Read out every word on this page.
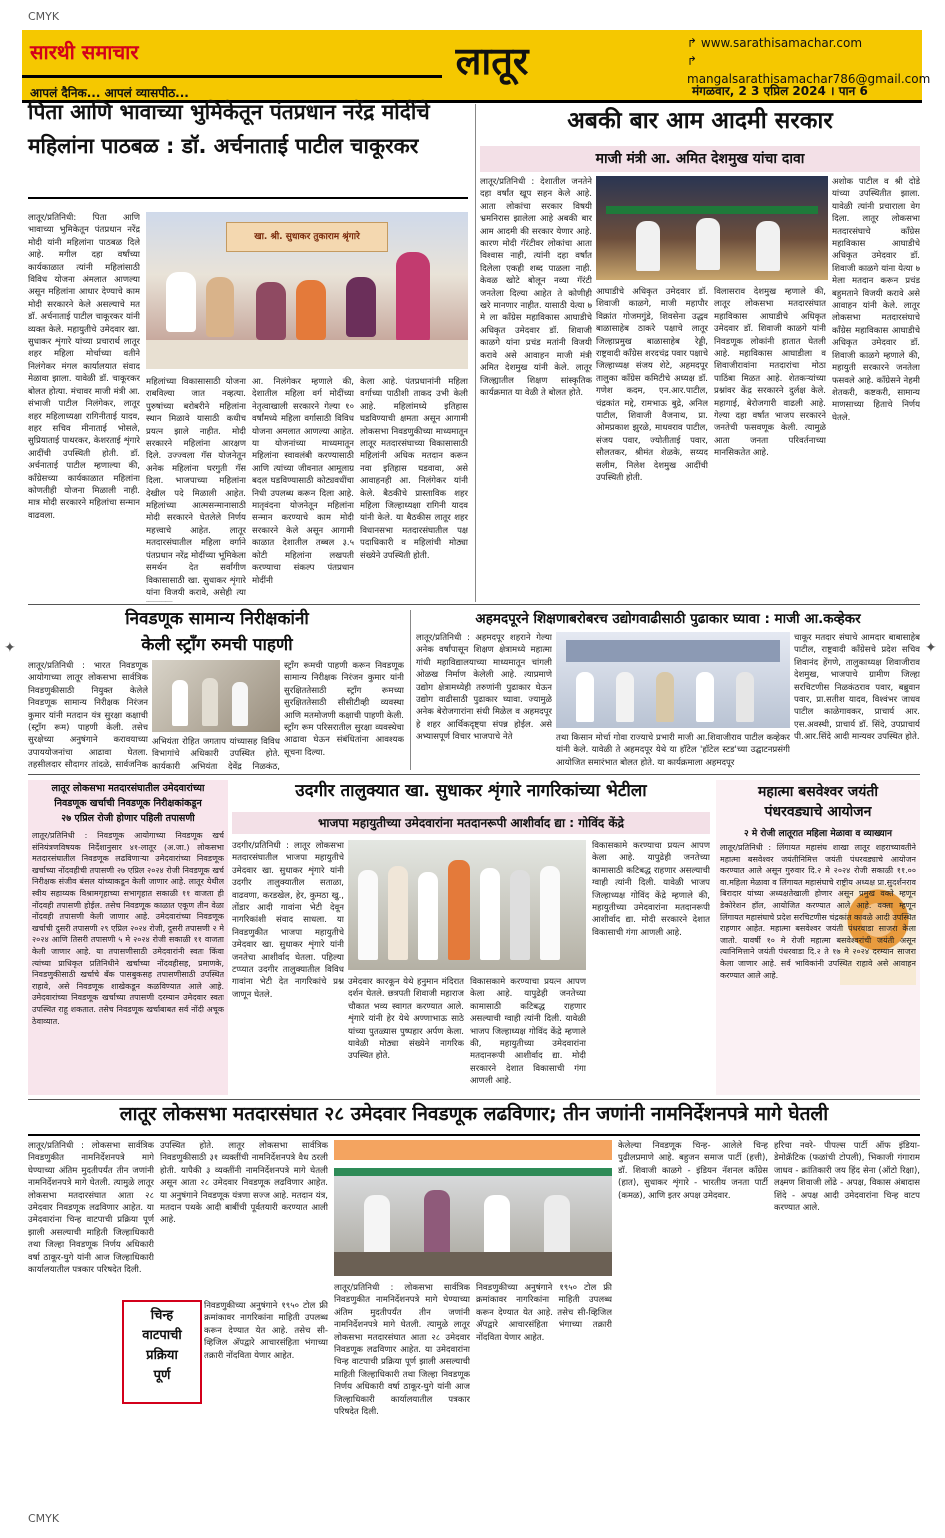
CMYK
CMYK
✦	✦
सारथी समाचार
आपलं दैनिक... आपलं व्यासपीठ...
लातूर	↱ www.sarathisamachar.com
↱ mangalsarathisamachar786@gmail.com
मंगळवार, 2 3 एप्रिल 2024 । पान 6
पिता आणि भावाच्या भुमिकेतून पंतप्रधान नरेंद्र मोदींचे
महिलांना पाठबळ : डॉ. अर्चनाताई पाटील चाकूरकर
लातूर/प्रतिनिधी: पिता आणि भावाच्या भुमिकेतून पंतप्रधान नरेंद्र मोदी यांनी महिलांना पाठबळ दिले आहे. मगील दहा वर्षांच्या कार्यकाळात त्यांनी महिलांसाठी विविध योजना अंमलात आणल्या असून महिलांना आधार देण्याचे काम मोदी सरकारने केले असल्याचे मत डॉ. अर्चनाताई पाटील चाकूरकर यांनी व्यक्त केले. महायुतीचे उमेदवार खा. सुधाकर शृंगारे यांच्या प्रचारार्थ लातूर शहर महिला मोर्चाच्या वतीने निलंगेकर मंगल कार्यालयात संवाद मेळावा झाला. यावेळी डॉ. चाकूरकर बोलत होत्या. मंचावर माजी मंत्री आ. संभाजी पाटील निलंगेकर, लातूर शहर महिलाध्यक्षा रागिनीताई यादव, शहर सचिव मीनाताई भोसले, सुप्रियाताई पाथरकर, केशरताई शृंगारे आदींची उपस्थिती होती. डॉ. अर्चनाताई पाटील म्हणाल्या की, काँग्रेसच्या कार्यकाळात महिलांना कोणतीही योजना मिळाली नाही. मात्र मोदी सरकारने महिलांचा सन्मान वाढवला.
खा. श्री. सुधाकर तुकाराम श्रृंगारे
महिलांच्या विकासासाठी योजना राबविल्या जात नव्हत्या. पुरुषांच्या बरोबरीने महिलांना स्थान मिळावे यासाठी कधीच प्रयत्न झाले नाहीत. मोदी सरकारने महिलांना आरक्षण दिले. उज्ज्वला गॅस योजनेतून अनेक महिलांना घरगुती गॅस दिला. भाजपाच्या महिलांना देखील पदे मिळाली आहेत. महिलांच्या आत्मसन्मानासाठी मोदी सरकारने घेतलेले निर्णय महत्त्वाचे आहेत. लातूर मतदारसंघातील महिला वर्गाने पंतप्रधान नरेंद्र मोदींच्या भूमिकेला समर्थन देत सर्वांगीण विकासासाठी खा. सुधाकर शृंगारे यांना विजयी करावे, असेही त्या
आ. निलंगेकर म्हणाले की, देशातील महिला वर्ग मोदींच्या नेतृत्वाखाली सरकारने गेल्या १० वर्षांमध्ये महिला वर्गासाठी विविध योजना अमलात आणल्या आहेत. या योजनांच्या माध्यमातून महिलांना स्वावलंबी करण्यासाठी आणि त्यांच्या जीवनात आमूलाग्र बदल घडविण्यासाठी कोट्यवधींचा निधी उपलब्ध करून दिला आहे. मातृवंदना योजनेतून महिलांना सन्मान करण्याचे काम मोदी सरकारने केले असून आगामी काळात देशातील तब्बल ३.५ कोटी महिलांना लखपती करण्याचा संकल्प पंतप्रधान मोदींनी
केला आहे. पंतप्रधानांनी महिला वर्गाच्या पाठीशी ताकद उभी केली आहे. महिलांमध्ये इतिहास घडविण्याची क्षमता असून आगामी लोकसभा निवडणुकीच्या माध्यमातून लातूर मतदारसंघाच्या विकासासाठी महिलांनी अधिक मतदान करून नवा इतिहास घडवावा, असे आवाहनही आ. निलंगेकर यांनी केले. बैठकीचे प्रास्ताविक शहर महिला जिल्हाध्यक्षा रागिनी यादव यांनी केले. या बैठकीस लातूर शहर विधानसभा मतदारसंघातील पक्ष पदाधिकारी व महिलांची मोठ्या संख्येने उपस्थिती होती.
अबकी बार आम आदमी सरकार
माजी मंत्री आ. अमित देशमुख यांचा दावा
लातूर/प्रतिनिधी : देशातील जनतेने दहा वर्षांत खूप सहन केले आहे. आता लोकांचा सरकार विषयी भ्रमनिरास झालेला आहे अबकी बार आम आदमी की सरकार येणार आहे. कारण मोदी गॅरंटीवर लोकांचा आता विश्वास नाही, त्यांनी दहा वर्षांत दिलेला एकही शब्द पाळला नाही. केवळ खोटे बोलून नव्या गॅरंटी जनतेला दिल्या आहेत ते कोणीही खरे मानणार नाहीत. यासाठी येत्या ७ मे ला काँग्रेस महाविकास आघाडीचे अधिकृत उमेदवार डॉ. शिवाजी काळगे यांना प्रचंड मतांनी विजयी करावे असे आवाहन माजी मंत्री अमित देशमुख यांनी केले. लातूर जिल्ह्यातील शिक्षण सांस्कृतिक कार्यक्रमात या वेळी ते बोलत होते.
आघाडीचे अधिकृत उमेदवार डॉ. शिवाजी काळगे, माजी महापौर विक्रांत गोजमगुंडे, शिवसेना उद्धव बाळासाहेब ठाकरे पक्षाचे लातूर जिल्हाप्रमुख बाळासाहेब रेड्डी, राष्ट्रवादी काँग्रेस शरदचंद्र पवार पक्षाचे जिल्हाध्यक्ष संजय शेटे, अहमदपूर तालुका काँग्रेस कमिटीचे अध्यक्ष डॉ. गणेश कदम, एन.आर.पाटील, चंद्रकांत मद्दे, रामभाऊ बुद्रे, अनिल पाटील, शिवाजी वैजनाथ, प्रा. ओमप्रकाश झुरळे, माधवराव पाटील, संजय पवार, ज्योतीताई पवार, सौलतकर, श्रीमंत शेळके, सय्यद सलीम, निलेश देशमुख आदींची उपस्थिती होती.
विलासराव देशमुख म्हणाले की, लातूर लोकसभा मतदारसंघात महाविकास आघाडीचे अधिकृत उमेदवार डॉ. शिवाजी काळगे यांनी निवडणूक लोकांनी हातात घेतली आहे. महाविकास आघाडीला व शिवाजीरावांना मतदारांचा मोठा पाठिंबा मिळत आहे. शेतकऱ्यांच्या प्रश्नांवर केंद्र सरकारने दुर्लक्ष केले. महागाई, बेरोजगारी वाढली आहे. गेल्या दहा वर्षांत भाजप सरकारने जनतेची फसवणूक केली. त्यामुळे आता जनता परिवर्तनाच्या मानसिकतेत आहे.
अशोक पाटील व श्री दोडे यांच्या उपस्थितीत झाला. यावेळी त्यांनी प्रचाराला वेग दिला. लातूर लोकसभा मतदारसंघाचे काँग्रेस महाविकास आघाडीचे अधिकृत उमेदवार डॉ. शिवाजी काळगे यांना येत्या ७ मेला मतदान करून प्रचंड बहुमताने विजयी करावे असे आवाहन यांनी केले. लातूर लोकसभा मतदारसंघाचे काँग्रेस महाविकास आघाडीचे अधिकृत उमेदवार डॉ. शिवाजी काळगे म्हणाले की, महायुती सरकारने जनतेला फसवले आहे. काँग्रेसने नेहमी शेतकरी, कष्टकरी, सामान्य माणसाच्या हिताचे निर्णय घेतले.
निवडणूक सामान्य निरीक्षकांनी
केली स्ट्राँग रुमची पाहणी
लातूर/प्रतिनिधी : भारत निवडणूक आयोगाच्या लातूर लोकसभा सार्वत्रिक निवडणुकीसाठी नियुक्त केलेले निवडणूक सामान्य निरीक्षक निरंजन कुमार यांनी मतदान यंत्र सुरक्षा कक्षाची (स्ट्राँग रूम) पाहणी केली. तसेच सुरक्षेच्या अनुषंगाने करावयाच्या उपाययोजनांचा आढावा घेतला. तहसीलदार सौदागर तांदळे, सार्वजनिक
स्ट्राँग रूमची पाहणी करून निवडणूक सामान्य निरीक्षक निरंजन कुमार यांनी सुरक्षिततेसाठी स्ट्राँग रूमच्या सुरक्षिततेसाठी सीसीटीव्ही व्यवस्था आणि मतमोजणी कक्षाची पाहणी केली. स्ट्राँग रूम परिसरातील सुरक्षा व्यवस्थेचा आढावा घेऊन संबंधितांना आवश्यक सूचना दिल्या.
अभियंता रोहित जगताप यांच्यासह विविध विभागांचे अधिकारी उपस्थित होते. कार्यकारी अभियंता देवेंद्र निळकंठ,
अहमदपूरने शिक्षणाबरोबरच उद्योगवाढीसाठी पुढाकार घ्यावा : माजी आ.कव्हेकर
लातूर/प्रतिनिधी : अहमदपूर शहराने गेल्या अनेक वर्षांपासून शिक्षण क्षेत्रामध्ये महात्मा गांधी महाविद्यालयाच्या माध्यमातून चांगली ओळख निर्माण केलेली आहे. त्याप्रमाणे उद्योग क्षेत्रामध्येही तरुणांनी पुढाकार घेऊन उद्योग वाढीसाठी पुढाकार घ्यावा. ज्यामुळे अनेक बेरोजगारांना संधी मिळेल व अहमदपूर हे शहर आर्थिकदृष्ट्या संपन्न होईल. असे अभ्यासपूर्ण विचार भाजपाचे नेते	तथा किसान मोर्चा गोवा राज्याचे प्रभारी माजी आ.शिवाजीराव पाटील कव्हेकर यांनी केले. यावेळी ते अहमदपूर येथे या हॉटेल 'हॉटेल स्टड'च्या उद्घाटनप्रसंगी आयोजित समारंभात बोलत होते. या कार्यक्रमाला अहमदपूर
चाकूर मतदार संघाचे आमदार बाबासाहेब पाटील, राष्ट्रवादी काँग्रेसचे प्रदेश सचिव शिवानंद हेंगणे, तालुकाध्यक्ष शिवाजीराव देशमुख, भाजपाचे ग्रामीण जिल्हा सरचिटणीस निळकंठराव पवार, बब्रुवान पवार, प्रा.सतीश यादव, विश्वंभर जाधव पाटील काळेगावकर, प्राचार्य आर. एस.अवस्थी, प्राचार्य डॉ. सिंदे, उपप्राचार्य पी.आर.सिंदे आदी मान्यवर उपस्थित होते.
लातूर लोकसभा मतदारसंघातील उमेदवारांच्या
निवडणूक खर्चाची निवडणूक निरीक्षकांकडून
२७ एप्रिल रोजी होणार पहिली तपासणी
लातूर/प्रतिनिधी : निवडणूक आयोगाच्या निवडणूक खर्च संनियंत्रणविषयक निर्देशानुसार ४१-लातूर (अ.जा.) लोकसभा मतदारसंघातील निवडणूक लढविणाऱ्या उमेदवारांच्या निवडणूक खर्चाच्या नोंदवहीची तपासणी २७ एप्रिल २०२४ रोजी निवडणूक खर्च निरीक्षक संजीव बंसल यांच्याकडून केली जाणार आहे. लातूर येथील स्वीय सहाय्यक विश्रामगृहाच्या सभागृहात सकाळी ११ वाजता ही नोंदवही तपासणी होईल. तसेच निवडणूक काळात एकूण तीन वेळा नोंदवही तपासणी केली जाणार आहे. उमेदवारांच्या निवडणूक खर्चाची दुसरी तपासणी २९ एप्रिल २०२४ रोजी, दुसरी तपासणी २ मे २०२४ आणि तिसरी तपासणी ५ मे २०२४ रोजी सकाळी ११ वाजता केली जाणार आहे. या तपासणीसाठी उमेदवारांनी स्वतः किंवा त्यांच्या प्राधिकृत प्रतिनिधीने खर्चाच्या नोंदवहीसह, प्रमाणके, निवडणुकीसाठी खर्चाचे बँक पासबुकसह तपासणीसाठी उपस्थित राहावे, असे निवडणूक शाखेकडून कळविण्यात आले आहे. उमेदवारांच्या निवडणूक खर्चाच्या तपासणी दरम्यान उमेदवार स्वतः उपस्थित राहू शकतात. तसेच निवडणूक खर्चाबाबत सर्व नोंदी अचूक ठेवाव्यात.
उदगीर तालुक्यात खा. सुधाकर शृंगारे नागरिकांच्या भेटीला
भाजपा महायुतीच्या उमेदवारांना मतदानरूपी आशीर्वाद द्या : गोविंद केंद्रे
उदगीर/प्रतिनिधी : लातूर लोकसभा मतदारसंघातील भाजपा महायुतीचे उमेदवार खा. सुधाकर शृंगारे यांनी उदगीर तालुक्यातील सताळा, वाढवणा, करडखेल, हेर, कुमठा खु., तोंडार आदी गावांना भेटी देवून नागरिकांशी संवाद साधला. या निवडणुकीत भाजपा महायुतीचे उमेदवार खा. सुधाकर शृंगारे यांनी जनतेचा आशीर्वाद घेतला. पहिल्या टप्प्यात उदगीर तालुक्यातील विविध गावांना भेटी देत नागरिकांचे प्रश्न जाणून घेतले.
उमेदवार कारकून येथे हनुमान मंदिरात दर्शन घेतले. छत्रपती शिवाजी महाराज चौकात भव्य स्वागत करण्यात आले. शृंगारे यांनी हेर येथे अण्णाभाऊ साठे यांच्या पुतळ्यास पुष्पहार अर्पण केला. यावेळी मोठ्या संख्येने नागरिक उपस्थित होते.
विकासकामे करण्याचा प्रयत्न आपण केला आहे. यापुढेही जनतेच्या कामासाठी कटिबद्ध राहणार असल्याची ग्वाही त्यांनी दिली. यावेळी भाजप जिल्हाध्यक्ष गोविंद केंद्रे म्हणाले की, महायुतीच्या उमेदवारांना मतदानरूपी आशीर्वाद द्या. मोदी सरकारने देशात विकासाची गंगा आणली आहे.
विकासकामे करण्याचा प्रयत्न आपण केला आहे. यापुढेही जनतेच्या कामासाठी कटिबद्ध राहणार असल्याची ग्वाही त्यांनी दिली. यावेळी भाजप जिल्हाध्यक्ष गोविंद केंद्रे म्हणाले की, महायुतीच्या उमेदवारांना मतदानरूपी आशीर्वाद द्या. मोदी सरकारने देशात विकासाची गंगा आणली आहे.
महात्मा बसवेश्वर जयंती
पंधरवड्याचे आयोजन
२ मे रोजी लातूरात महिला मेळावा व व्याख्यान
लातूर/प्रतिनिधी : लिंगायत महासंघ शाखा लातूर शहराच्यावतीने महात्मा बसवेश्वर जयंतीनिमित्त जयंती पंधरवड्याचे आयोजन करण्यात आले असून गुरुवार दि.२ मे २०२४ रोजी सकाळी ११.०० वा.महिला मेळावा व लिंगायत महासंघाचे राष्ट्रीय अध्यक्ष प्रा.सुदर्शनराव बिरादार यांच्या अध्यक्षतेखाली होणार असून प्रमुख वक्ते म्हणून डेकोरेशन हॉल, आयोजित करण्यात आले आहे. वक्ता म्हणून लिंगायत महासंघाचे प्रदेश सरचिटणीस चंद्रकांत कावळे आदी उपस्थित राहणार आहेत. महात्मा बसवेश्वर जयंती पंधरवाडा साजरा केला जातो. यावर्षी १० मे रोजी महात्मा बसवेश्वरांची जयंती असून त्यानिमित्ताने जयंती पंधरवाडा दि.२ ते १७ मे २०२४ दरम्यान साजरा केला जाणार आहे. सर्व भाविकांनी उपस्थित राहावे असे आवाहन करण्यात आले आहे.
लातूर लोकसभा मतदारसंघात २८ उमेदवार निवडणूक लढविणार; तीन जणांनी नामनिर्देशनपत्रे मागे घेतली
लातूर/प्रतिनिधी : लोकसभा सार्वत्रिक निवडणुकीत नामनिर्देशनपत्रे मागे घेण्याच्या अंतिम मुदतीपर्यंत तीन जणांनी नामनिर्देशनपत्रे मागे घेतली. त्यामुळे लातूर लोकसभा मतदारसंघात आता २८ उमेदवार निवडणूक लढविणार आहेत. या उमेदवारांना चिन्ह वाटपाची प्रक्रिया पूर्ण झाली असल्याची माहिती जिल्हाधिकारी तथा जिल्हा निवडणूक निर्णय अधिकारी वर्षा ठाकूर-घुगे यांनी आज जिल्हाधिकारी कार्यालयातील पत्रकार परिषदेत दिली.
चिन्ह
वाटपाची
प्रक्रिया
पूर्ण
उपस्थित होते. लातूर लोकसभा सार्वत्रिक निवडणुकीसाठी ३१ व्यक्तींची नामनिर्देशनपत्रे वैध ठरली होती. यापैकी ३ व्यक्तींनी नामनिर्देशनपत्रे मागे घेतली असून आता २८ उमेदवार निवडणूक लढविणार आहेत. या अनुषंगाने निवडणूक यंत्रणा सज्ज आहे. मतदान यंत्र, मतदान पथके आदी बाबींची पूर्वतयारी करण्यात आली आहे.
निवडणुकीच्या अनुषंगाने १९५० टोल फ्री क्रमांकावर नागरिकांना माहिती उपलब्ध करून देण्यात येत आहे. तसेच सी-व्हिजिल अ‍ॅपद्वारे आचारसंहिता भंगाच्या तक्रारी नोंदविता येणार आहेत.
लातूर/प्रतिनिधी : लोकसभा सार्वत्रिक निवडणुकीत नामनिर्देशनपत्रे मागे घेण्याच्या अंतिम मुदतीपर्यंत तीन जणांनी नामनिर्देशनपत्रे मागे घेतली. त्यामुळे लातूर लोकसभा मतदारसंघात आता २८ उमेदवार निवडणूक लढविणार आहेत. या उमेदवारांना चिन्ह वाटपाची प्रक्रिया पूर्ण झाली असल्याची माहिती जिल्हाधिकारी तथा जिल्हा निवडणूक निर्णय अधिकारी वर्षा ठाकूर-घुगे यांनी आज जिल्हाधिकारी कार्यालयातील पत्रकार परिषदेत दिली.
निवडणुकीच्या अनुषंगाने १९५० टोल फ्री क्रमांकावर नागरिकांना माहिती उपलब्ध करून देण्यात येत आहे. तसेच सी-व्हिजिल अ‍ॅपद्वारे आचारसंहिता भंगाच्या तक्रारी नोंदविता येणार आहेत.
केलेल्या निवडणूक चिन्ह- आलेले चिन्ह पुढीलप्रमाणे आहे. बहुजन समाज पार्टी (हत्ती), डॉ. शिवाजी काळगे - इंडियन नॅशनल काँग्रेस (हात), सुधाकर शृंगारे - भारतीय जनता पार्टी (कमळ), आणि इतर अपक्ष उमेदवार.
हरिचा नवरे- पीपल्स पार्टी ऑफ इंडिया-डेमोक्रॅटिक (फळांची टोपली), भिकाजी गंगाराम जाधव - क्रांतिकारी जय हिंद सेना (ऑटो रिक्षा), लक्ष्मण शिवाजी लोंढे - अपक्ष, विकास अंबादास शिंदे - अपक्ष आदी उमेदवारांना चिन्ह वाटप करण्यात आले.
